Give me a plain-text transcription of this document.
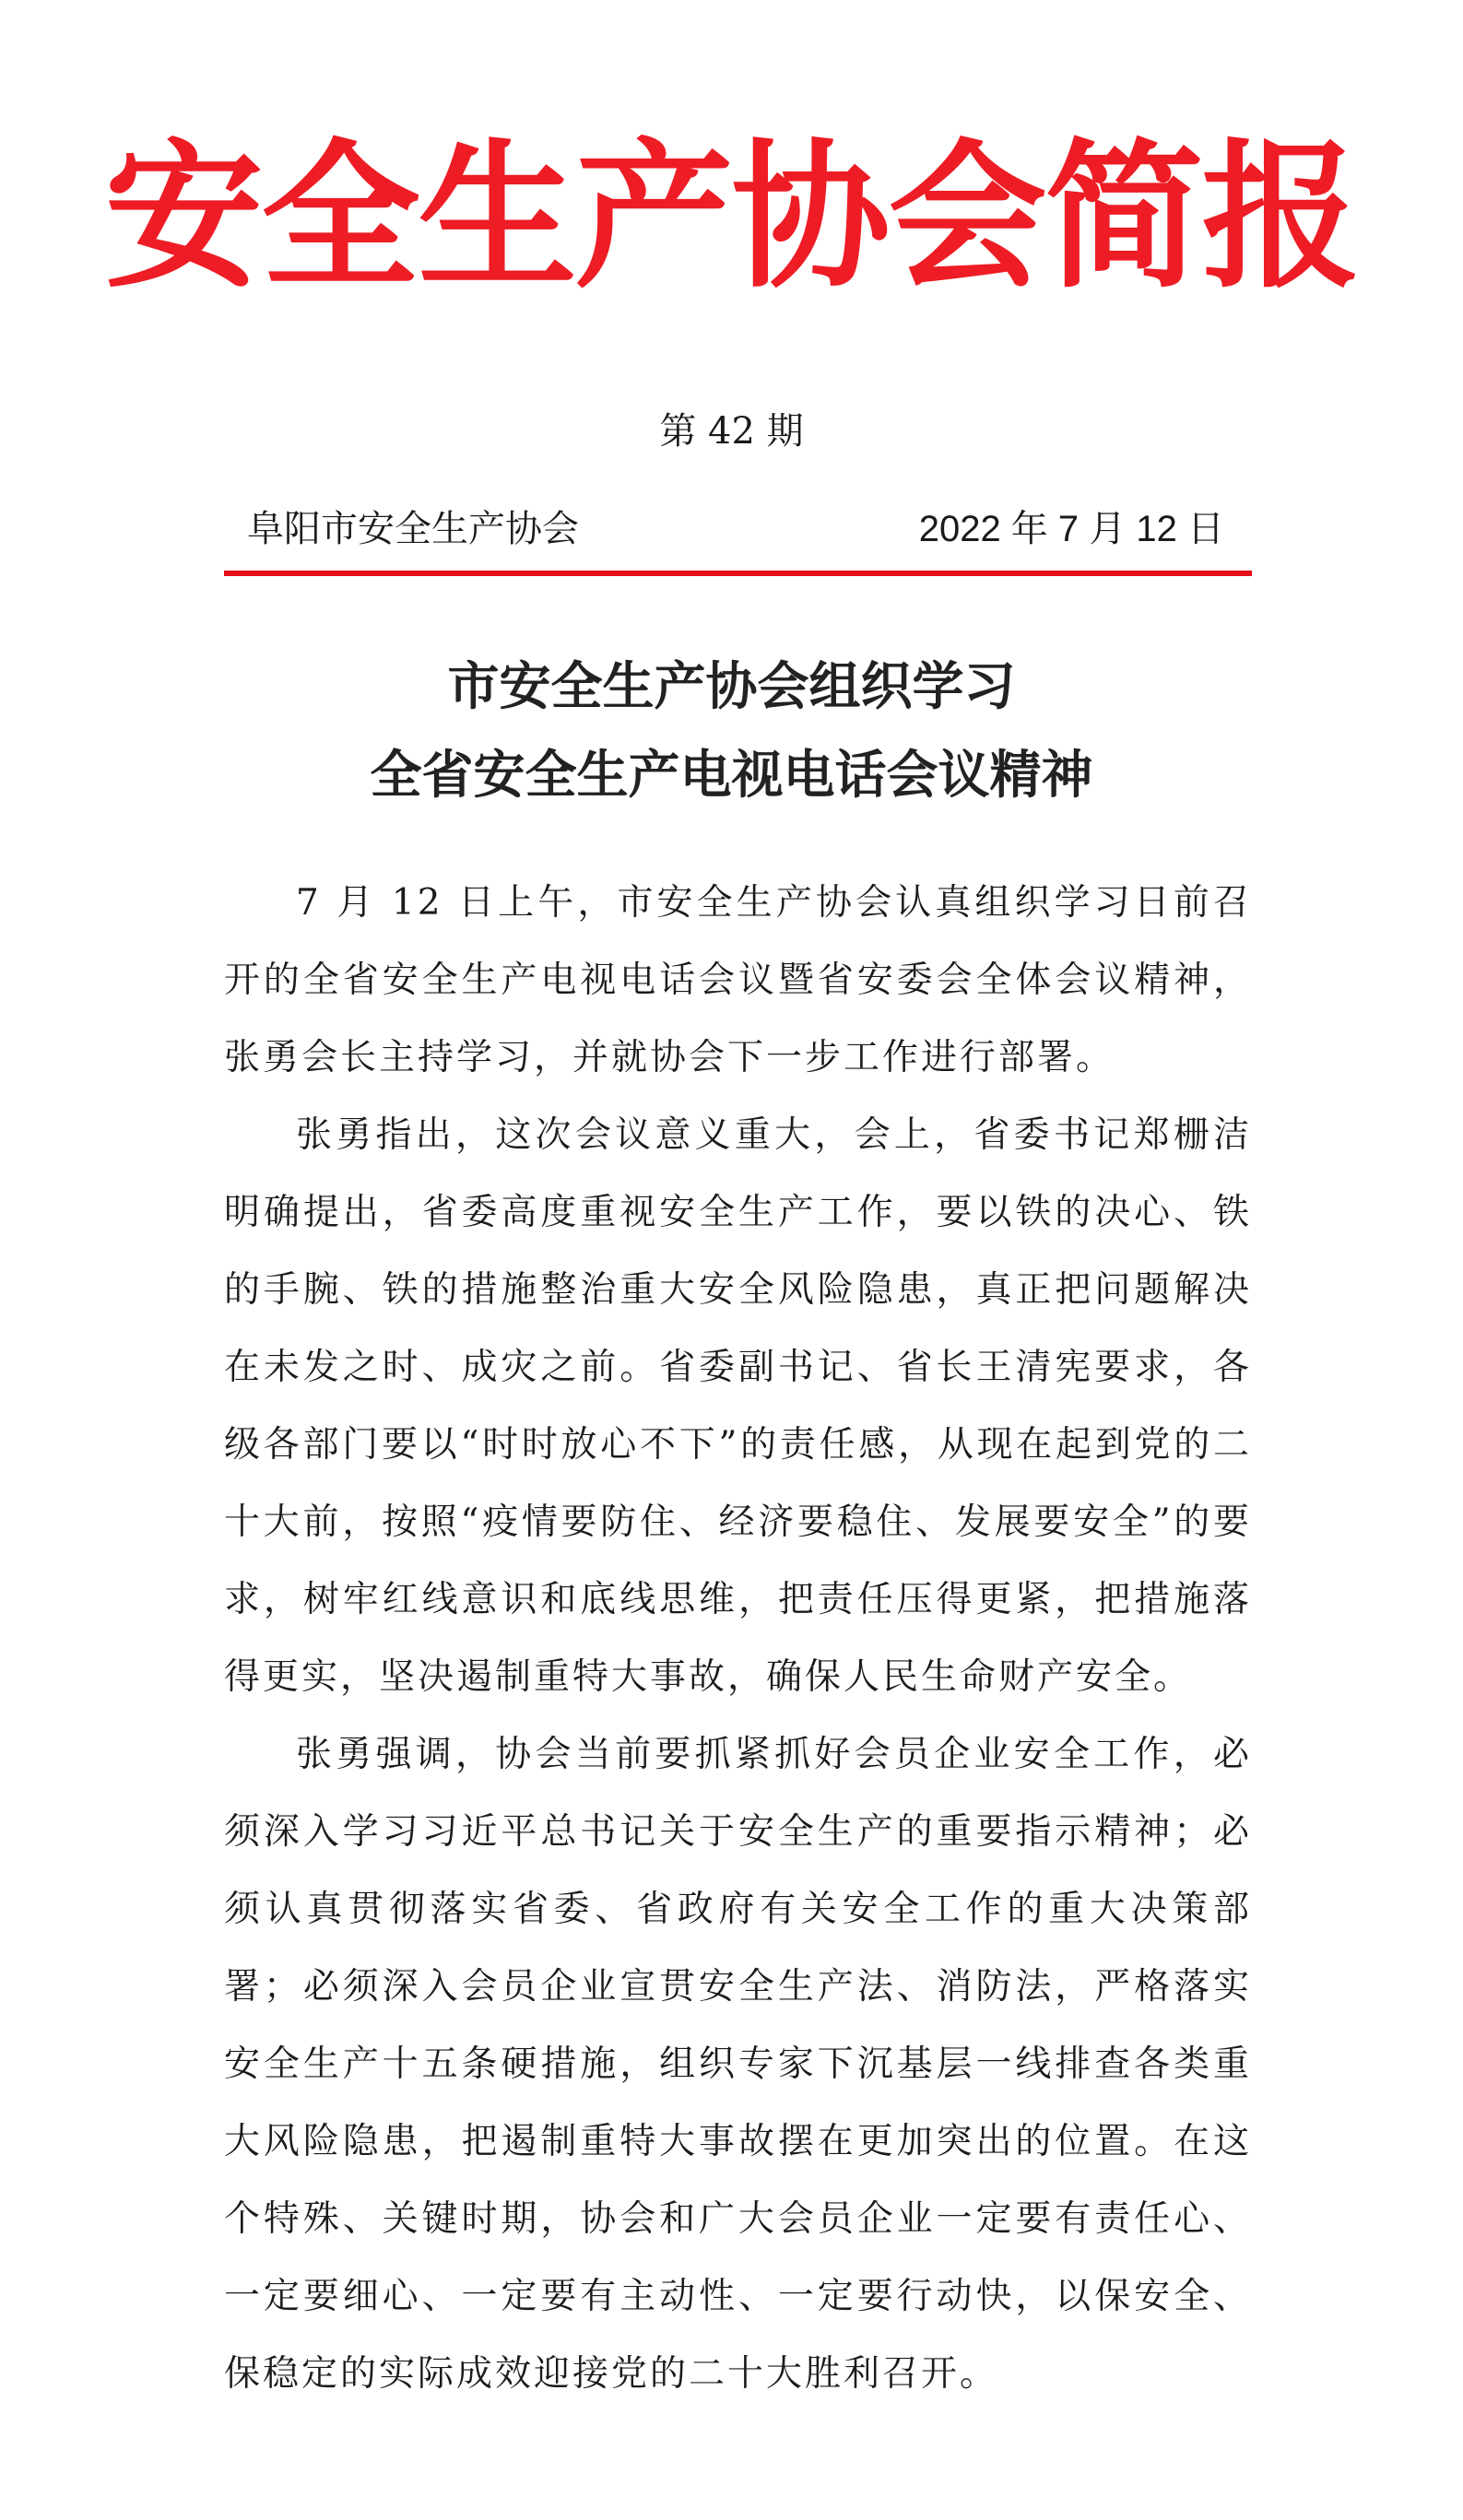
安全生产协会简报
第 42 期
阜阳市安全生产协会	2022 年 7 月 12 日
市安全生产协会组织学习
全省安全生产电视电话会议精神

7 月 12 日上午，市安全生产协会认真组织学习日前召开的全省安全生产电视电话会议暨省安委会全体会议精神，张勇会长主持学习，并就协会下一步工作进行部署。

张勇指出，这次会议意义重大，会上，省委书记郑栅洁明确提出，省委高度重视安全生产工作，要以铁的决心、铁的手腕、铁的措施整治重大安全风险隐患，真正把问题解决在未发之时、成灾之前。省委副书记、省长王清宪要求，各级各部门要以“时时放心不下”的责任感，从现在起到党的二十大前，按照“疫情要防住、经济要稳住、发展要安全”的要求，树牢红线意识和底线思维，把责任压得更紧，把措施落得更实，坚决遏制重特大事故，确保人民生命财产安全。

张勇强调，协会当前要抓紧抓好会员企业安全工作，必须深入学习习近平总书记关于安全生产的重要指示精神；必须认真贯彻落实省委、省政府有关安全工作的重大决策部署；必须深入会员企业宣贯安全生产法、消防法，严格落实安全生产十五条硬措施，组织专家下沉基层一线排查各类重大风险隐患，把遏制重特大事故摆在更加突出的位置。在这个特殊、关键时期，协会和广大会员企业一定要有责任心、一定要细心、一定要有主动性、一定要行动快，以保安全、保稳定的实际成效迎接党的二十大胜利召开。
